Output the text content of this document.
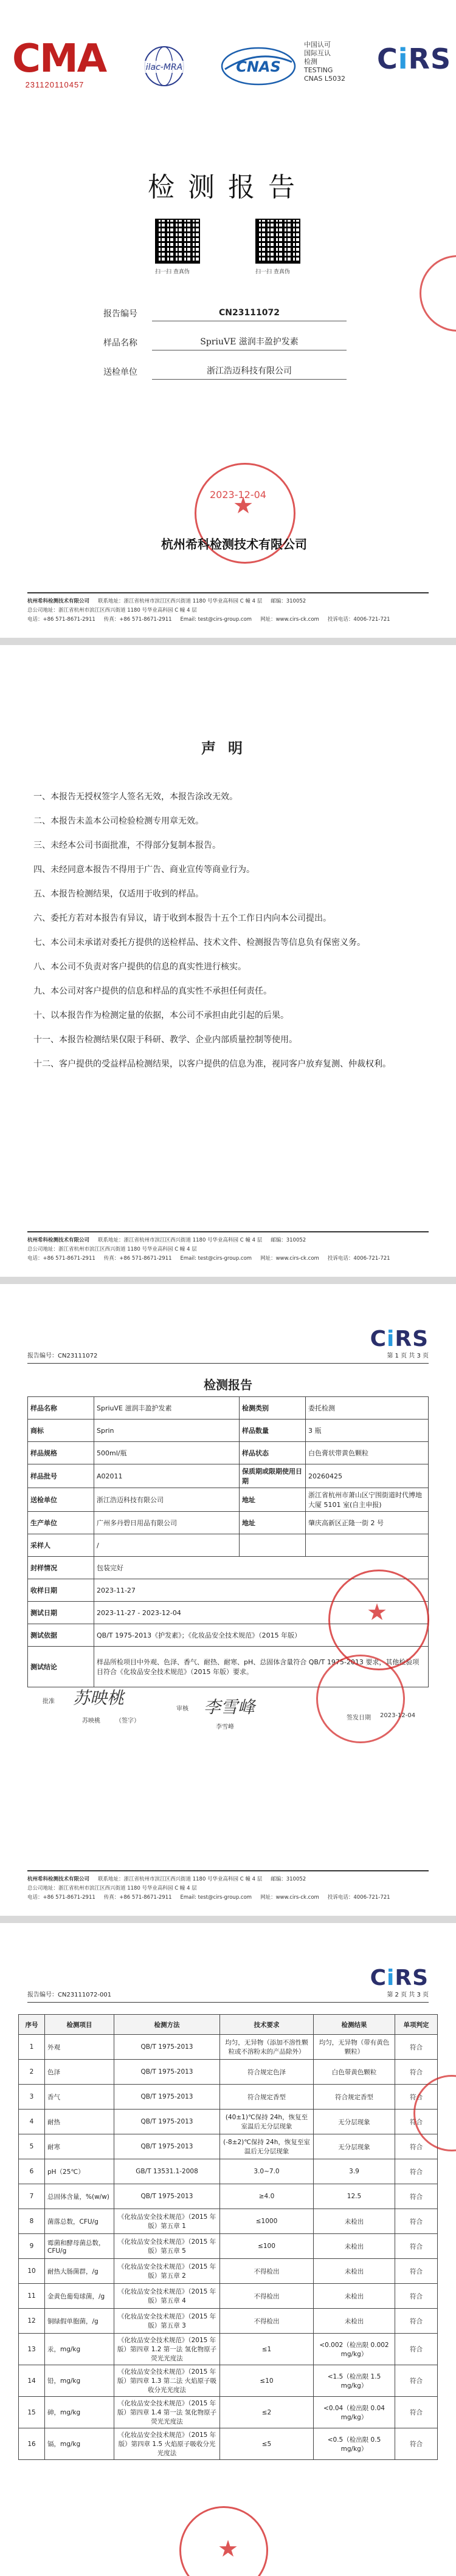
CMA
231120110457
ilac-MRA	CNAS
中国认可
国际互认
检测
TESTING
CNAS L5032
CiRS
检测报告
扫一扫 查真伪	扫一扫 查真伪
报告编号	CN23111072
样品名称	SpriuVE 滋润丰盈护发素
送检单位	浙江浩迈科技有限公司
★
2023-12-04
杭州希科检测技术有限公司
杭州希科检测技术有限公司 联系地址：浙江省杭州市滨江区西兴街道 1180 号华业高科园 C 幢 4 层 邮编：310052
总公司地址：浙江省杭州市滨江区西兴街道 1180 号华业高科园 C 幢 4 层
电话：+86 571-8671-2911 传真：+86 571-8671-2911 Email: test@cirs-group.com 网址：www.cirs-ck.com 投诉电话：4006-721-721
声明
一、本报告无授权签字人签名无效，本报告涂改无效。
二、本报告未盖本公司检验检测专用章无效。
三、未经本公司书面批准，不得部分复制本报告。
四、未经同意本报告不得用于广告、商业宣传等商业行为。
五、本报告检测结果，仅适用于收到的样品。
六、委托方若对本报告有异议，请于收到本报告十五个工作日内向本公司提出。
七、本公司未承诺对委托方提供的送检样品、技术文件、检测报告等信息负有保密义务。
八、本公司不负责对客户提供的信息的真实性进行核实。
九、本公司对客户提供的信息和样品的真实性不承担任何责任。
十、以本报告作为检测定量的依据，本公司不承担由此引起的后果。
十一、本报告检测结果仅限于科研、教学、企业内部质量控制等使用。
十二、客户提供的受益样品检测结果，以客户提供的信息为准，视同客户放弃复测、仲裁权利。
杭州希科检测技术有限公司 联系地址：浙江省杭州市滨江区西兴街道 1180 号华业高科园 C 幢 4 层 邮编：310052
总公司地址：浙江省杭州市滨江区西兴街道 1180 号华业高科园 C 幢 4 层
电话：+86 571-8671-2911 传真：+86 571-8671-2911 Email: test@cirs-group.com 网址：www.cirs-ck.com 投诉电话：4006-721-721
CiRS
报告编号：CN23111072	第 1 页 共 3 页
检测报告
样品名称	SpriuVE 滋润丰盈护发素	检测类别	委托检测
商标	Sprin	样品数量	3 瓶
样品规格	500ml/瓶	样品状态	白色膏状带黄色颗粒
样品批号	A02011	保质期或限期使用日期	20260425
送检单位	浙江浩迈科技有限公司	地址	浙江省杭州市萧山区宁围街道时代博地大厦 5101 室(自主申报)
生产单位	广州多丹碧日用品有限公司	地址	肇庆高新区正隆一街 2 号
采样人	/		
封样情况	包装完好		
收样日期	2023-11-27		
测试日期	2023-11-27 - 2023-12-04		
测试依据	QB/T 1975-2013《护发素》；《化妆品安全技术规范》（2015 年版）		
测试结论	样品所检项目中外观、色泽、香气、耐热、耐寒、pH、总固体含量符合 QB/T 1975-2013 要求，其他检验项目符合《化妆品安全技术规范》（2015 年版）要求。		
★
批准 苏映桃
苏映桃	（签字）
审核 李雪峰
李雪峰
签发日期 2023-12-04
杭州希科检测技术有限公司 联系地址：浙江省杭州市滨江区西兴街道 1180 号华业高科园 C 幢 4 层 邮编：310052
总公司地址：浙江省杭州市滨江区西兴街道 1180 号华业高科园 C 幢 4 层
电话：+86 571-8671-2911 传真：+86 571-8671-2911 Email: test@cirs-group.com 网址：www.cirs-ck.com 投诉电话：4006-721-721
CiRS
报告编号：CN23111072-001	第 2 页 共 3 页
序号	检测项目	检测方法	技术要求	检测结果	单项判定
1	外观	QB/T 1975-2013	均匀，无异物（添加不溶性颗粒或不溶粉末的产品除外）	均匀，无异物（带有黄色颗粒）	符合
2	色泽	QB/T 1975-2013	符合规定色泽	白色带黄色颗粒	符合
3	香气	QB/T 1975-2013	符合规定香型	符合规定香型	符合
4	耐热	QB/T 1975-2013	(40±1)℃保持 24h，恢复至室温后无分层现象	无分层现象	符合
5	耐寒	QB/T 1975-2013	(-8±2)℃保持 24h，恢复至室温后无分层现象	无分层现象	符合
6	pH（25℃）	GB/T 13531.1-2008	3.0~7.0	3.9	符合
7	总固体含量，%(w/w)	QB/T 1975-2013	≥4.0	12.5	符合
8	菌落总数，CFU/g	《化妆品安全技术规范》（2015 年版）第五章 1	≤1000	未检出	符合
9	霉菌和酵母菌总数，CFU/g	《化妆品安全技术规范》（2015 年版）第五章 5	≤100	未检出	符合
10	耐热大肠菌群，/g	《化妆品安全技术规范》（2015 年版）第五章 2	不得检出	未检出	符合
11	金黄色葡萄球菌，/g	《化妆品安全技术规范》（2015 年版）第五章 4	不得检出	未检出	符合
12	铜绿假单胞菌，/g	《化妆品安全技术规范》（2015 年版）第五章 3	不得检出	未检出	符合
13	汞，mg/kg	《化妆品安全技术规范》（2015 年版）第四章 1.2 第一法 氢化物原子荧光光度法	≤1	<0.002（检出限 0.002 mg/kg）	符合
14	铅，mg/kg	《化妆品安全技术规范》（2015 年版）第四章 1.3 第二法 火焰原子吸收分光光度法	≤10	<1.5（检出限 1.5 mg/kg）	符合
15	砷，mg/kg	《化妆品安全技术规范》（2015 年版）第四章 1.4 第一法 氢化物原子荧光光度法	≤2	<0.04（检出限 0.04 mg/kg）	符合
16	镉，mg/kg	《化妆品安全技术规范》（2015 年版）第四章 1.5 火焰原子吸收分光光度法	≤5	<0.5（检出限 0.5 mg/kg）	符合
★
